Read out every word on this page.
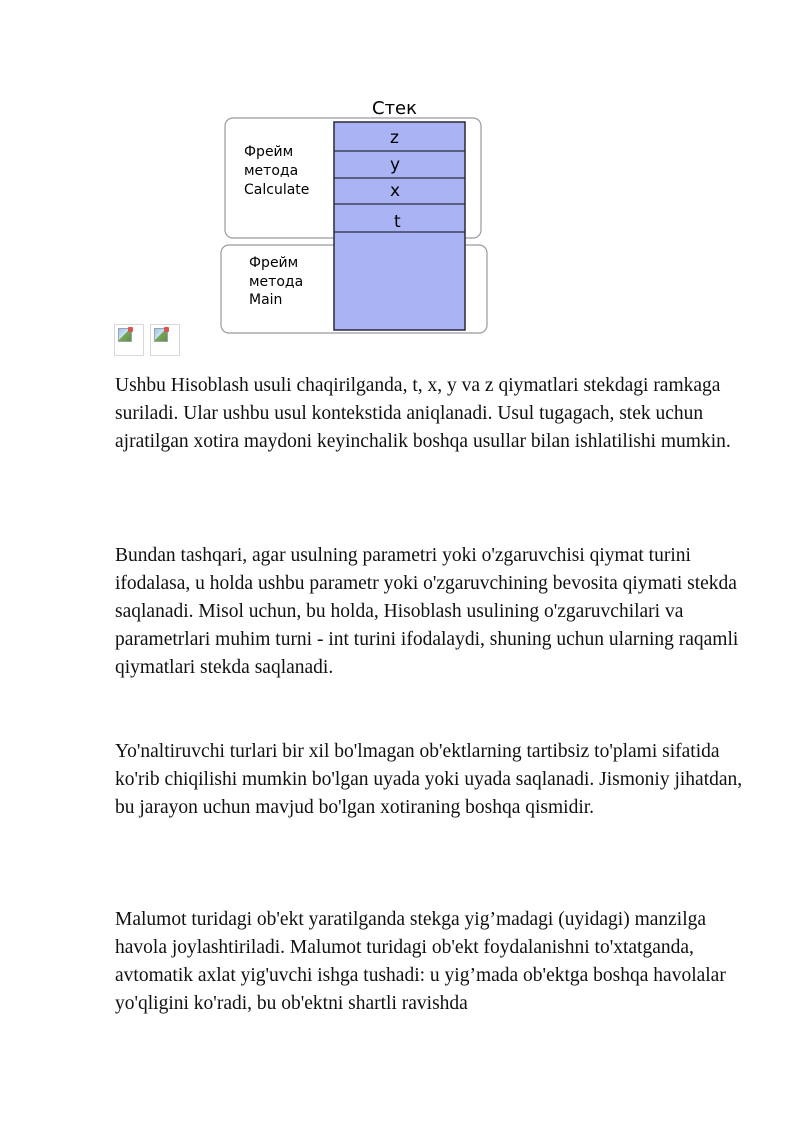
Стек
z
y
x
t
Фрейм
метода
Calculate
Фрейм
метода
Main

Ushbu Hisoblash usuli chaqirilganda, t, x, y va z qiymatlari stekdagi ramkaga suriladi. Ular ushbu usul kontekstida aniqlanadi. Usul tugagach, stek uchun ajratilgan xotira maydoni keyinchalik boshqa usullar bilan ishlatilishi mumkin.

Bundan tashqari, agar usulning parametri yoki o'zgaruvchisi qiymat turini ifodalasa, u holda ushbu parametr yoki o'zgaruvchining bevosita qiymati stekda saqlanadi. Misol uchun, bu holda, Hisoblash usulining o'zgaruvchilari va parametrlari muhim turni - int turini ifodalaydi, shuning uchun ularning raqamli qiymatlari stekda saqlanadi.

Yo'naltiruvchi turlari bir xil bo'lmagan ob'ektlarning tartibsiz to'plami sifatida ko'rib chiqilishi mumkin bo'lgan uyada yoki uyada saqlanadi. Jismoniy jihatdan, bu jarayon uchun mavjud bo'lgan xotiraning boshqa qismidir.

Malumot turidagi ob'ekt yaratilganda stekga yig’madagi (uyidagi) manzilga havola joylashtiriladi. Malumot turidagi ob'ekt foydalanishni to'xtatganda, avtomatik axlat yig'uvchi ishga tushadi: u yig’mada ob'ektga boshqa havolalar yo'qligini ko'radi, bu ob'ektni shartli ravishda
